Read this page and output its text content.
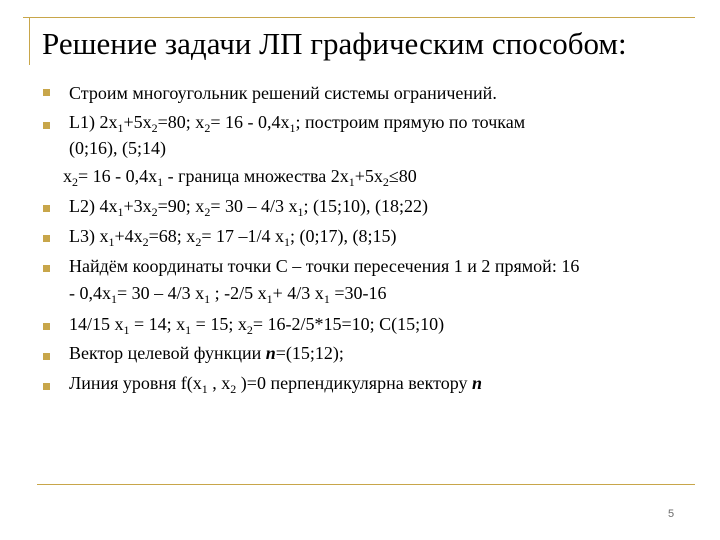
Решение задачи ЛП графическим способом:
Строим многоугольник решений системы ограничений.
L1) $2x_1+5x_2=80$; $x_2= 16 - 0,4x_1$; построим прямую по точкам
(0;16), (5;14)
$x_2= 16 - 0,4x_1$ - граница множества $2x_1+5x_2\le 80$
L2) $4x_1+3x_2=90$; $x_2= 30 - 4/3$ $x_1$; (15;10), (18;22)
L3) $x_1+4x_2=68$; $x_2= 17$ –1/4 $x_1$; (0;17), (8;15)
Найдём координаты точки С – точки пересечения 1 и 2 прямой: 16
- $0,4x_1= 30 - 4/3$ $x_1$ ; -2/5 $x_1+ 4/3$ $x_1 =30-16$
14/15 $x_1 = 14$; $x_1 = 15$; $x_2= 16-2/5*15=10$; C(15;10)
Вектор целевой функции n=(15;12);
Линия уровня $f(x_1$ , $x_2$ )=0 перпендикулярна вектору n
5
